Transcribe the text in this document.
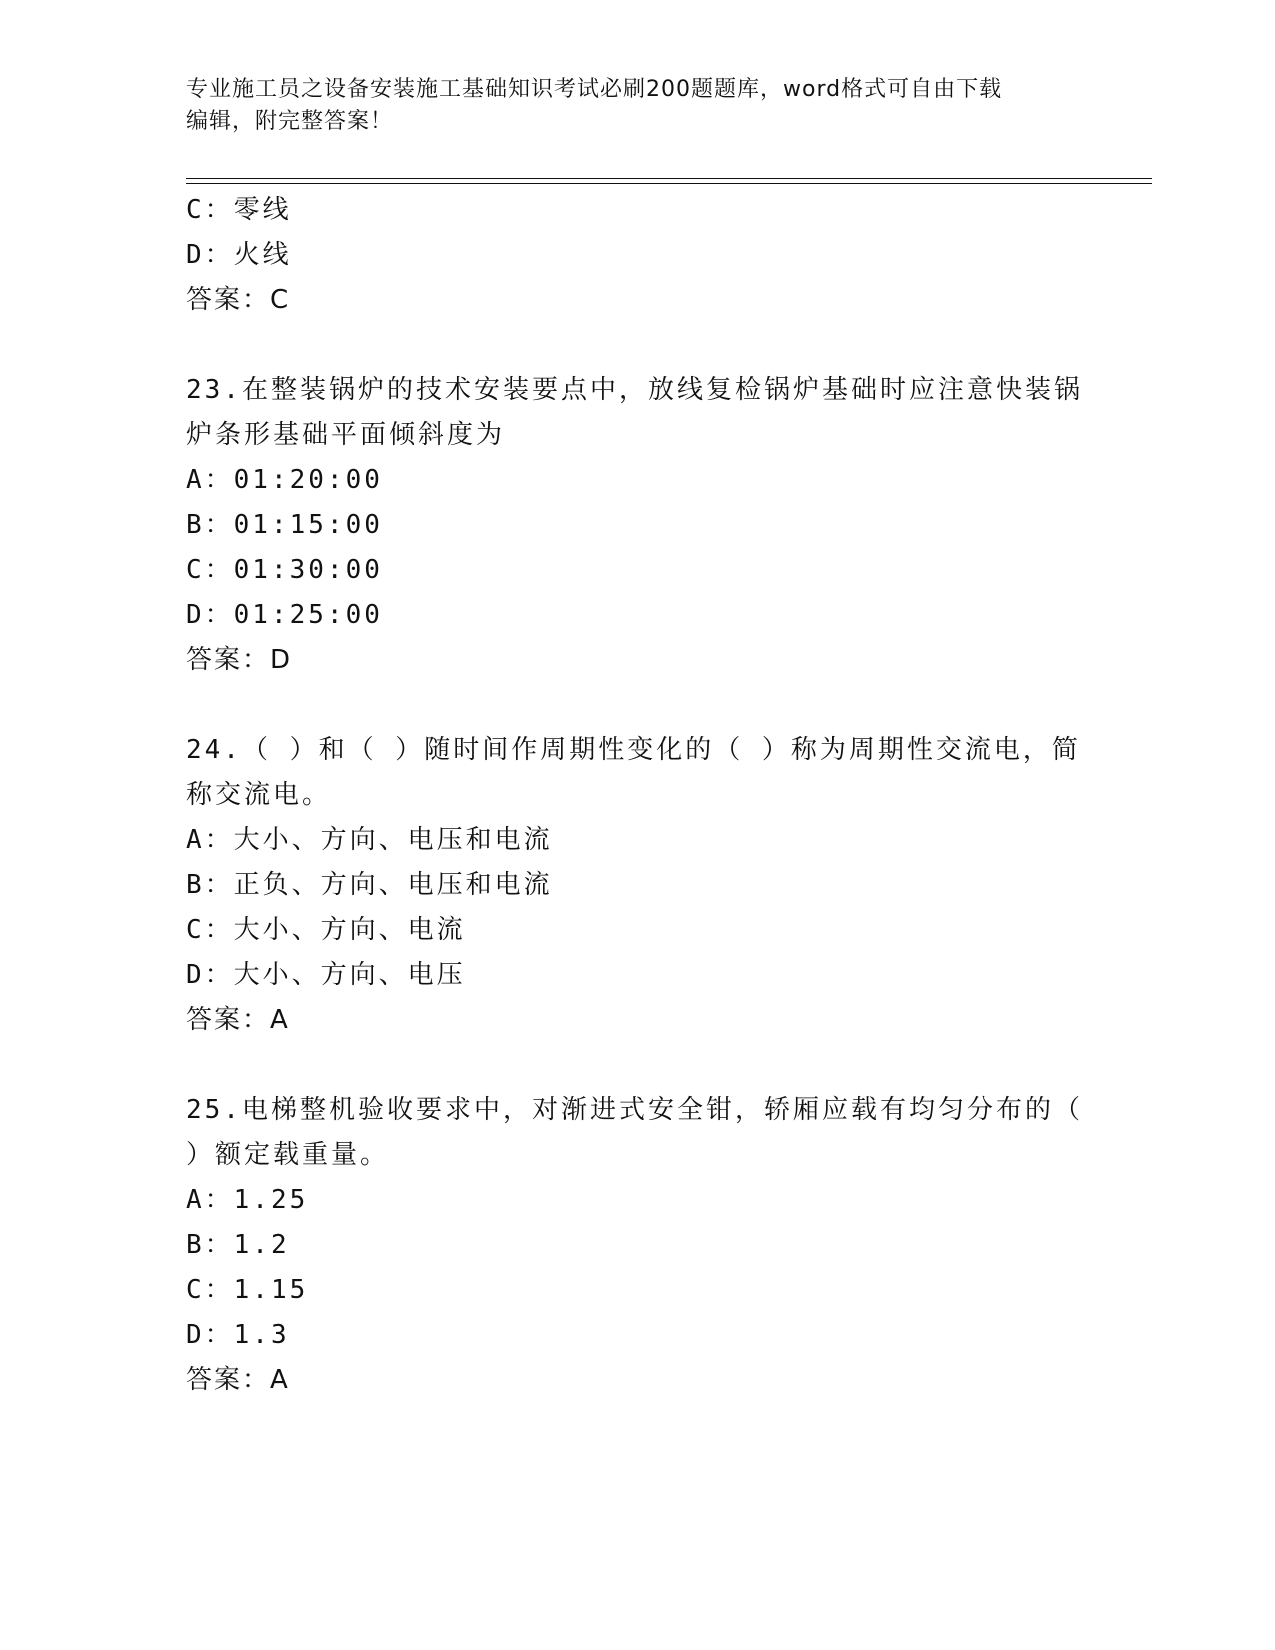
专业施工员之设备安装施工基础知识考试必刷200题题库，word格式可自由下载
编辑，附完整答案！
C：零线
D：火线
答案：C
23.在整装锅炉的技术安装要点中，放线复检锅炉基础时应注意快装锅
炉条形基础平面倾斜度为
A：01:20:00
B：01:15:00
C：01:30:00
D：01:25:00
答案：D
24.（ ）和（ ）随时间作周期性变化的（ ）称为周期性交流电，简
称交流电。
A：大小、方向、电压和电流
B：正负、方向、电压和电流
C：大小、方向、电流
D：大小、方向、电压
答案：A
25.电梯整机验收要求中，对渐进式安全钳，轿厢应载有均匀分布的（
）额定载重量。
A：1.25
B：1.2
C：1.15
D：1.3
答案：A
